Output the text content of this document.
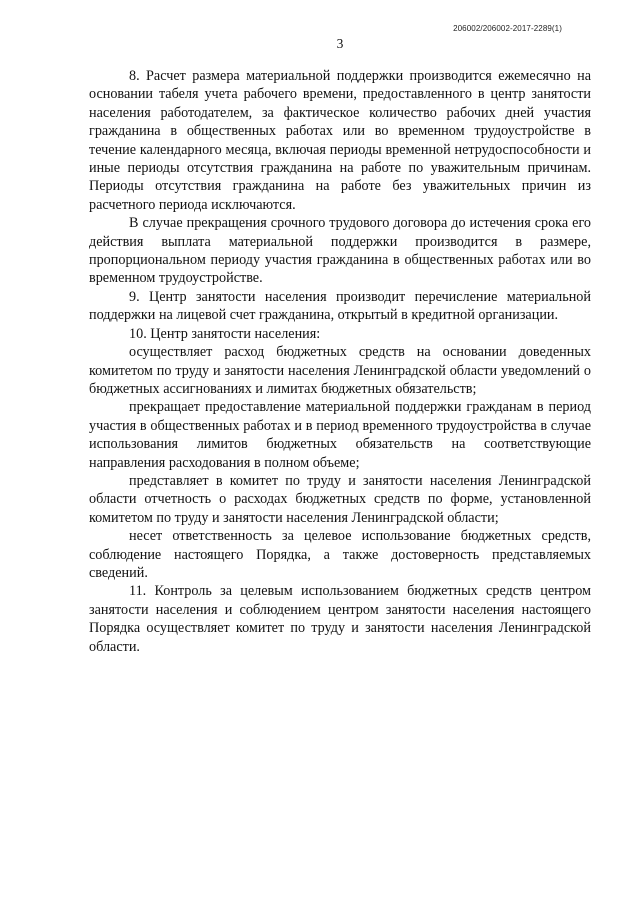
206002/206002-2017-2289(1)
3

8. Расчет размера материальной поддержки производится ежемесячно на основании табеля учета рабочего времени, предоставленного в центр занятости населения работодателем, за фактическое количество рабочих дней участия гражданина в общественных работах или во временном трудоустройстве в течение календарного месяца, включая периоды временной нетрудоспособности и иные периоды отсутствия гражданина на работе по уважительным причинам. Периоды отсутствия гражданина на работе без уважительных причин из расчетного периода исключаются.

В случае прекращения срочного трудового договора до истечения срока его действия выплата материальной поддержки производится в размере, пропорциональном периоду участия гражданина в общественных работах или во временном трудоустройстве.

9. Центр занятости населения производит перечисление материальной поддержки на лицевой счет гражданина, открытый в кредитной организации.

10. Центр занятости населения:

осуществляет расход бюджетных средств на основании доведенных комитетом по труду и занятости населения Ленинградской области уведомлений о бюджетных ассигнованиях и лимитах бюджетных обязательств;

прекращает предоставление материальной поддержки гражданам в период участия в общественных работах и в период временного трудоустройства в случае использования лимитов бюджетных обязательств на соответствующие направления расходования в полном объеме;

представляет в комитет по труду и занятости населения Ленинградской области отчетность о расходах бюджетных средств по форме, установленной комитетом по труду и занятости населения Ленинградской области;

несет ответственность за целевое использование бюджетных средств, соблюдение настоящего Порядка, а также достоверность представляемых сведений.

11. Контроль за целевым использованием бюджетных средств центром занятости населения и соблюдением центром занятости населения настоящего Порядка осуществляет комитет по труду и занятости населения Ленинградской области.
